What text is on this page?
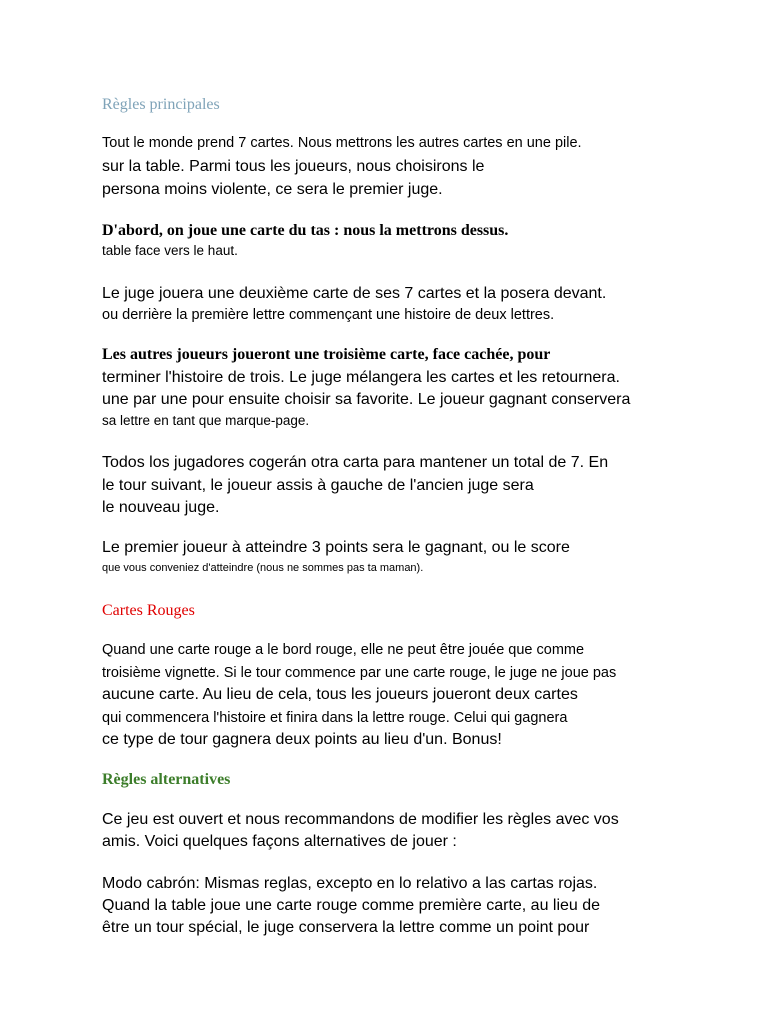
Règles principales
Tout le monde prend 7 cartes. Nous mettrons les autres cartes en une pile.
sur la table. Parmi tous les joueurs, nous choisirons le
persona moins violente, ce sera le premier juge.
D'abord, on joue une carte du tas : nous la mettrons dessus.
table face vers le haut.
Le juge jouera une deuxième carte de ses 7 cartes et la posera devant.
ou derrière la première lettre commençant une histoire de deux lettres.
Les autres joueurs joueront une troisième carte, face cachée, pour
terminer l'histoire de trois. Le juge mélangera les cartes et les retournera.
une par une pour ensuite choisir sa favorite. Le joueur gagnant conservera
sa lettre en tant que marque-page.
Todos los jugadores cogerán otra carta para mantener un total de 7. En
le tour suivant, le joueur assis à gauche de l'ancien juge sera
le nouveau juge.
Le premier joueur à atteindre 3 points sera le gagnant, ou le score
que vous conveniez d'atteindre (nous ne sommes pas ta maman).
Cartes Rouges
Quand une carte rouge a le bord rouge, elle ne peut être jouée que comme
troisième vignette. Si le tour commence par une carte rouge, le juge ne joue pas
aucune carte. Au lieu de cela, tous les joueurs joueront deux cartes
qui commencera l'histoire et finira dans la lettre rouge. Celui qui gagnera
ce type de tour gagnera deux points au lieu d'un. Bonus!
Règles alternatives
Ce jeu est ouvert et nous recommandons de modifier les règles avec vos
amis. Voici quelques façons alternatives de jouer :
Modo cabrón: Mismas reglas, excepto en lo relativo a las cartas rojas.
Quand la table joue une carte rouge comme première carte, au lieu de
être un tour spécial, le juge conservera la lettre comme un point pour
